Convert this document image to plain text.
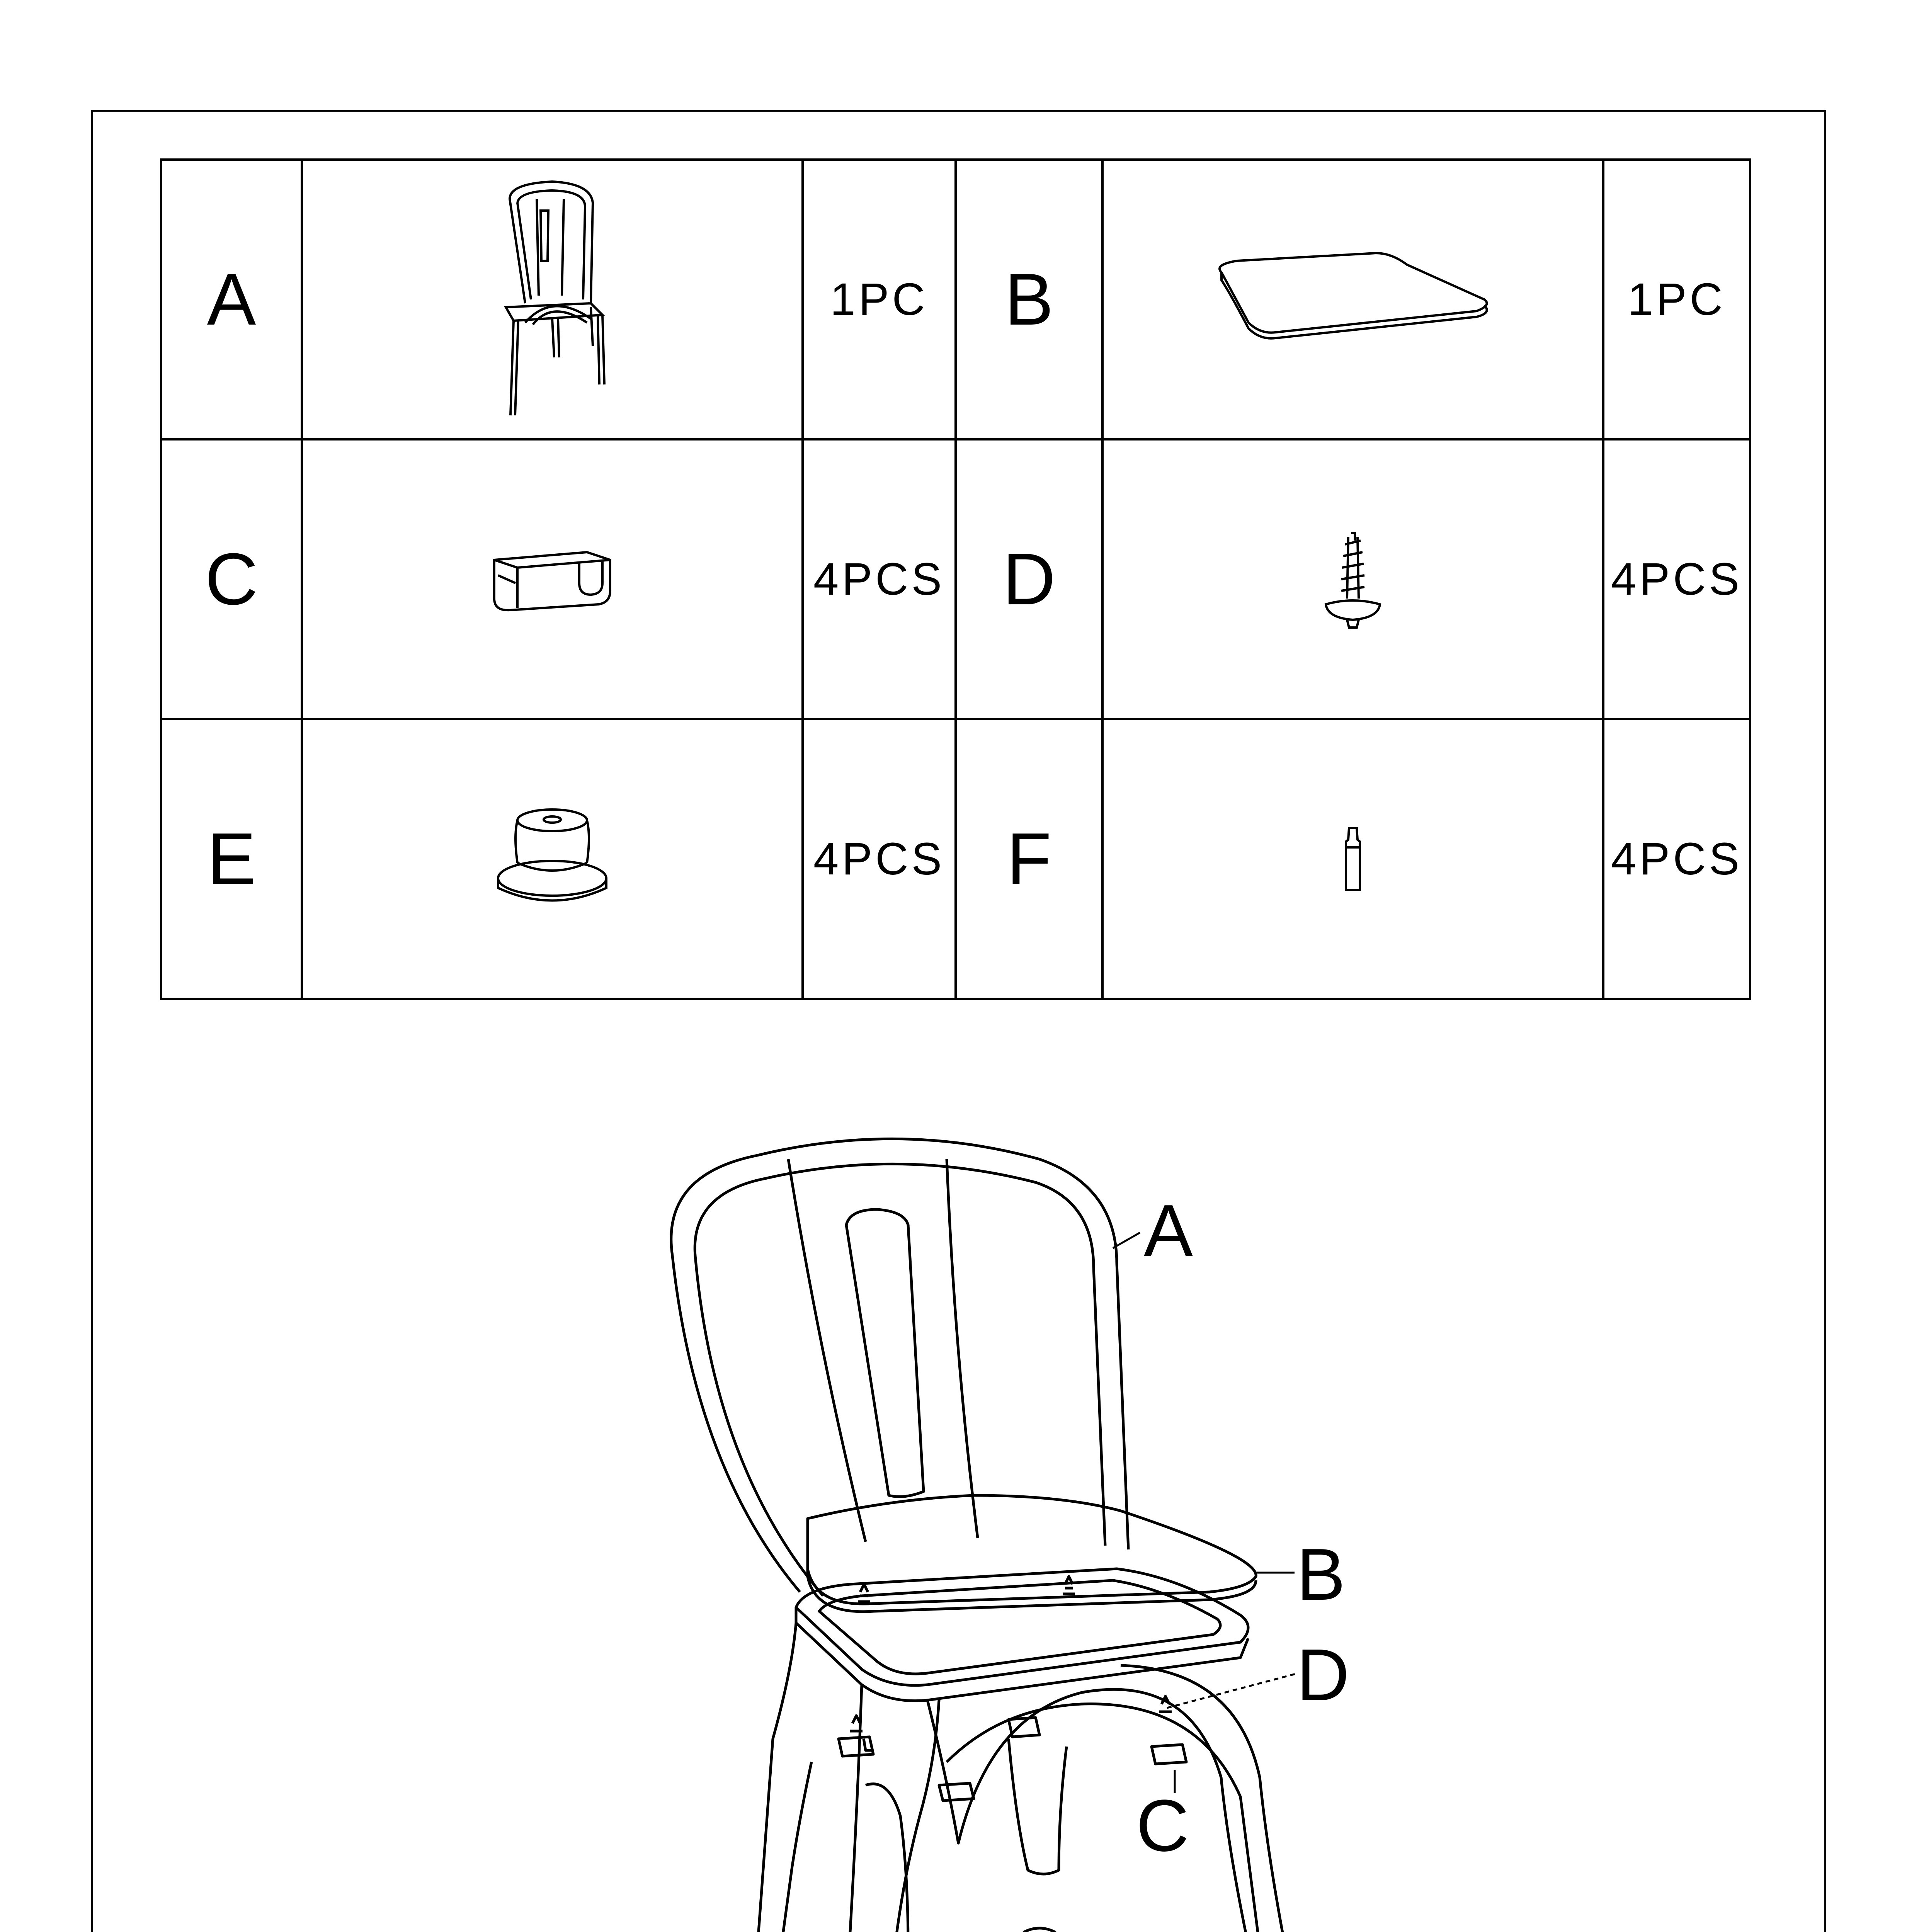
A		1PC	B		1PC
C		4PCS	D		4PCS
E		4PCS	F		4PCS
A
B
D
C
